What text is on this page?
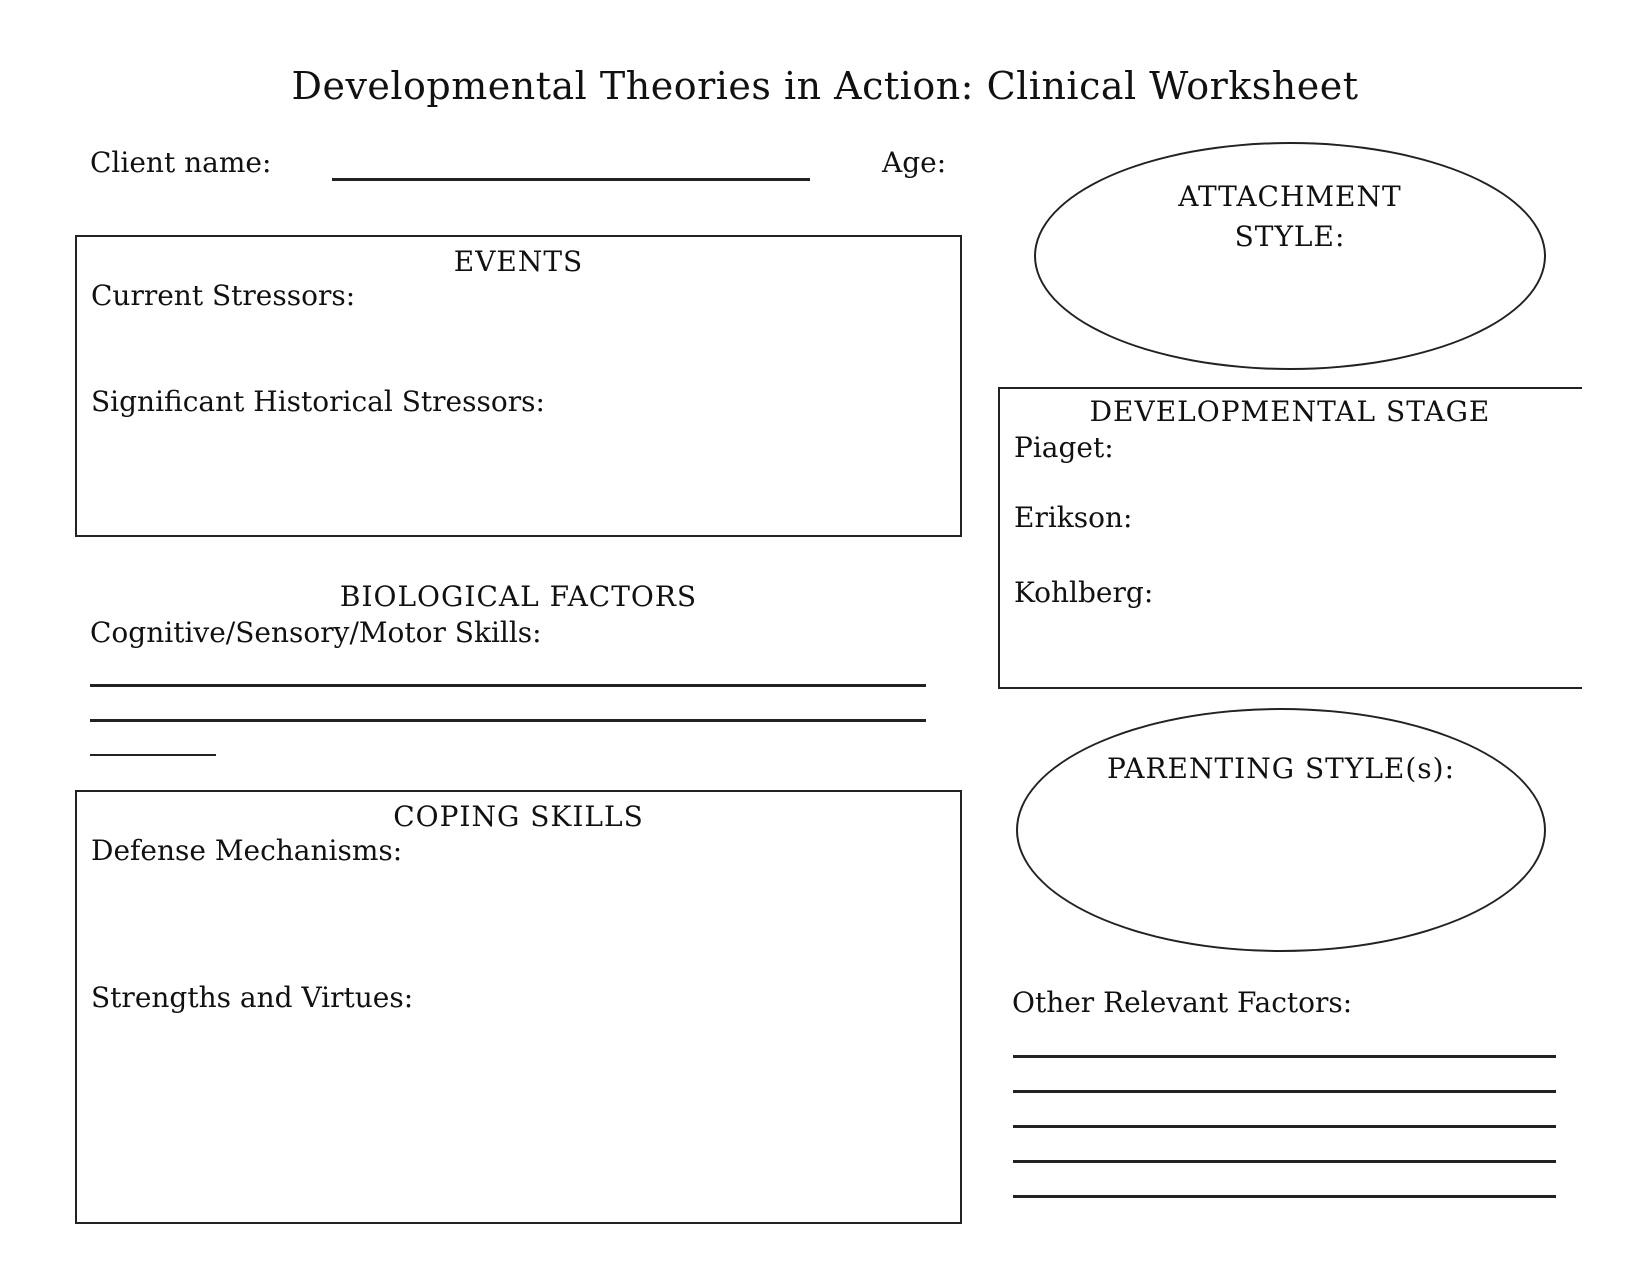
Developmental Theories in Action: Clinical Worksheet
Client name:	Age:
EVENTS
Current Stressors:
Significant Historical Stressors:
BIOLOGICAL FACTORS
Cognitive/Sensory/Motor Skills:
COPING SKILLS
Defense Mechanisms:
Strengths and Virtues:
ATTACHMENT
STYLE:
DEVELOPMENTAL STAGE
Piaget:
Erikson:
Kohlberg:
PARENTING STYLE(s):
Other Relevant Factors:
